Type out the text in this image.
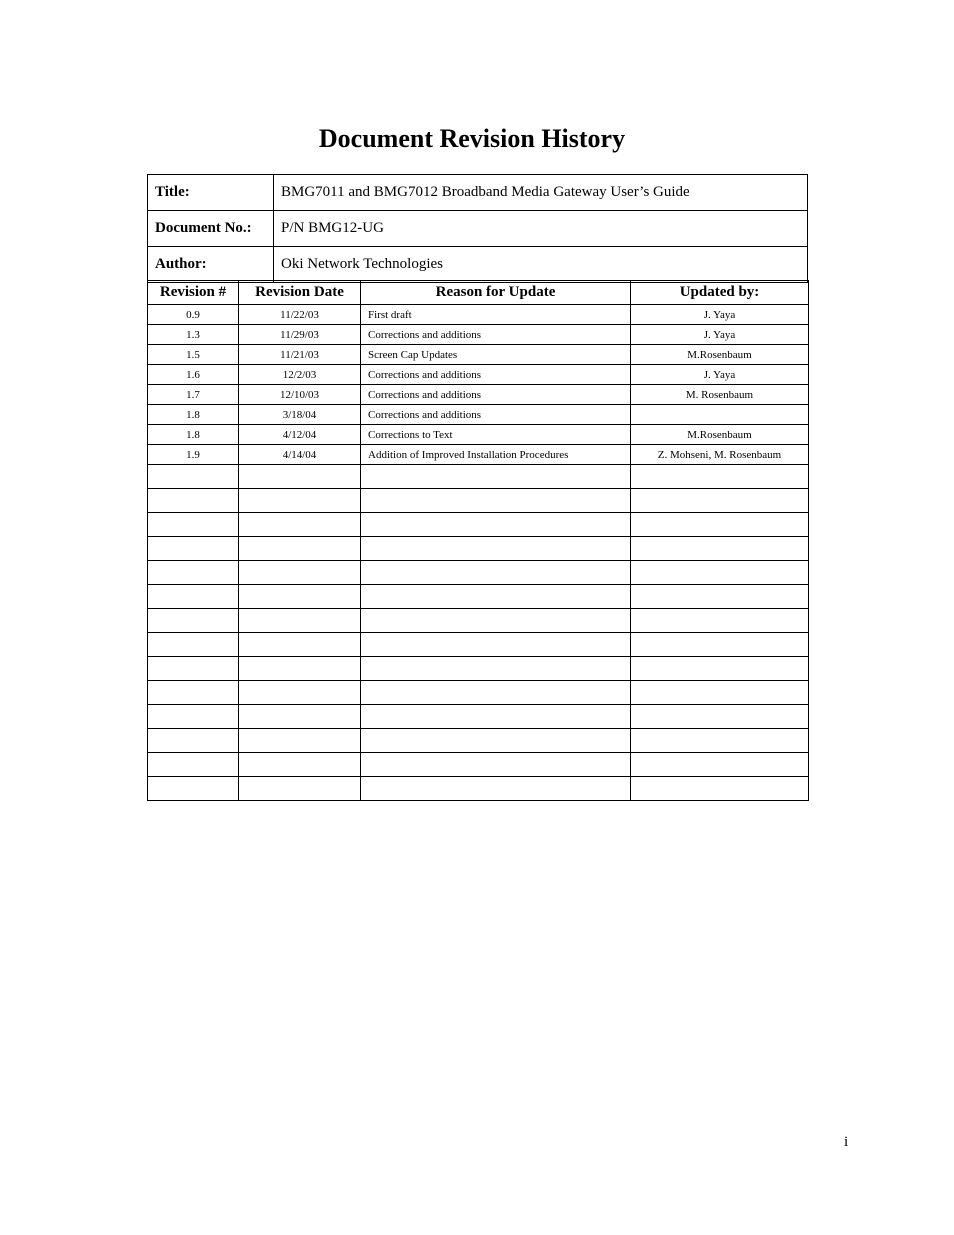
Document Revision History
Title:	BMG7011 and BMG7012 Broadband Media Gateway User’s Guide
Document No.:	P/N BMG12-UG
Author:	Oki Network Technologies
Revision #	Revision Date	Reason for Update	Updated by:
0.9	11/22/03	First draft	J. Yaya
1.3	11/29/03	Corrections and additions	J. Yaya
1.5	11/21/03	Screen Cap Updates	M.Rosenbaum
1.6	12/2/03	Corrections and additions	J. Yaya
1.7	12/10/03	Corrections and additions	M. Rosenbaum
1.8	3/18/04	Corrections and additions	
1.8	4/12/04	Corrections to Text	M.Rosenbaum
1.9	4/14/04	Addition of Improved Installation Procedures	Z. Mohseni, M. Rosenbaum

i
